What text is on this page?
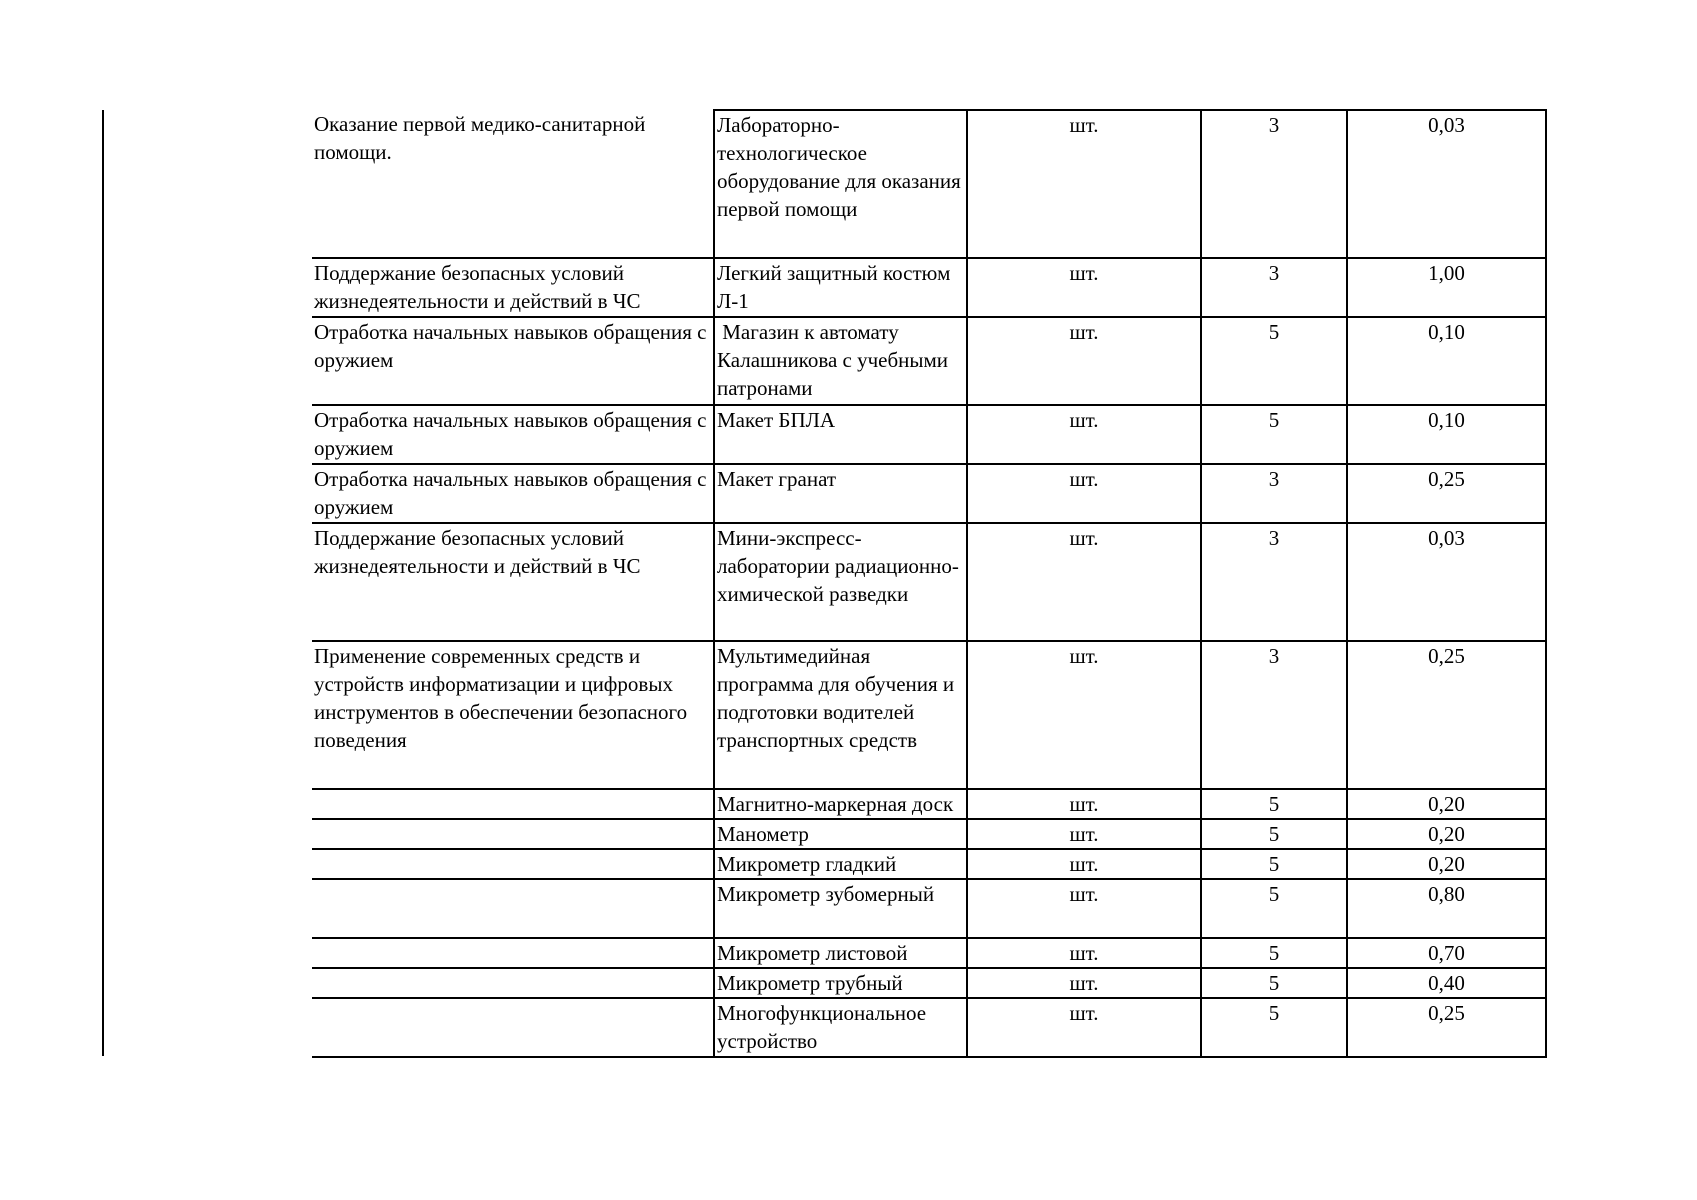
Оказание первой медико-санитарной помощи.	Лабораторно-технологическое оборудование для оказания первой помощи	шт.	3	0,03
Поддержание безопасных условий жизнедеятельности и действий в ЧС	Легкий защитный костюм Л-1	шт.	3	1,00
Отработка начальных навыков обращения с оружием	Магазин к автомату Калашникова с учебными патронами	шт.	5	0,10
Отработка начальных навыков обращения с оружием	Макет БПЛА	шт.	5	0,10
Отработка начальных навыков обращения с оружием	Макет гранат	шт.	3	0,25
Поддержание безопасных условий жизнедеятельности и действий в ЧС	Мини-экспресс-лаборатории радиационно-химической разведки	шт.	3	0,03
Применение современных средств и устройств информатизации и цифровых инструментов в обеспечении безопасного поведения	Мультимедийная программа для обучения и подготовки водителей транспортных средств	шт.	3	0,25
	Магнитно-маркерная доск	шт.	5	0,20
	Манометр	шт.	5	0,20
	Микрометр гладкий	шт.	5	0,20
	Микрометр зубомерный	шт.	5	0,80
	Микрометр листовой	шт.	5	0,70
	Микрометр трубный	шт.	5	0,40
	Многофункциональное устройство	шт.	5	0,25
